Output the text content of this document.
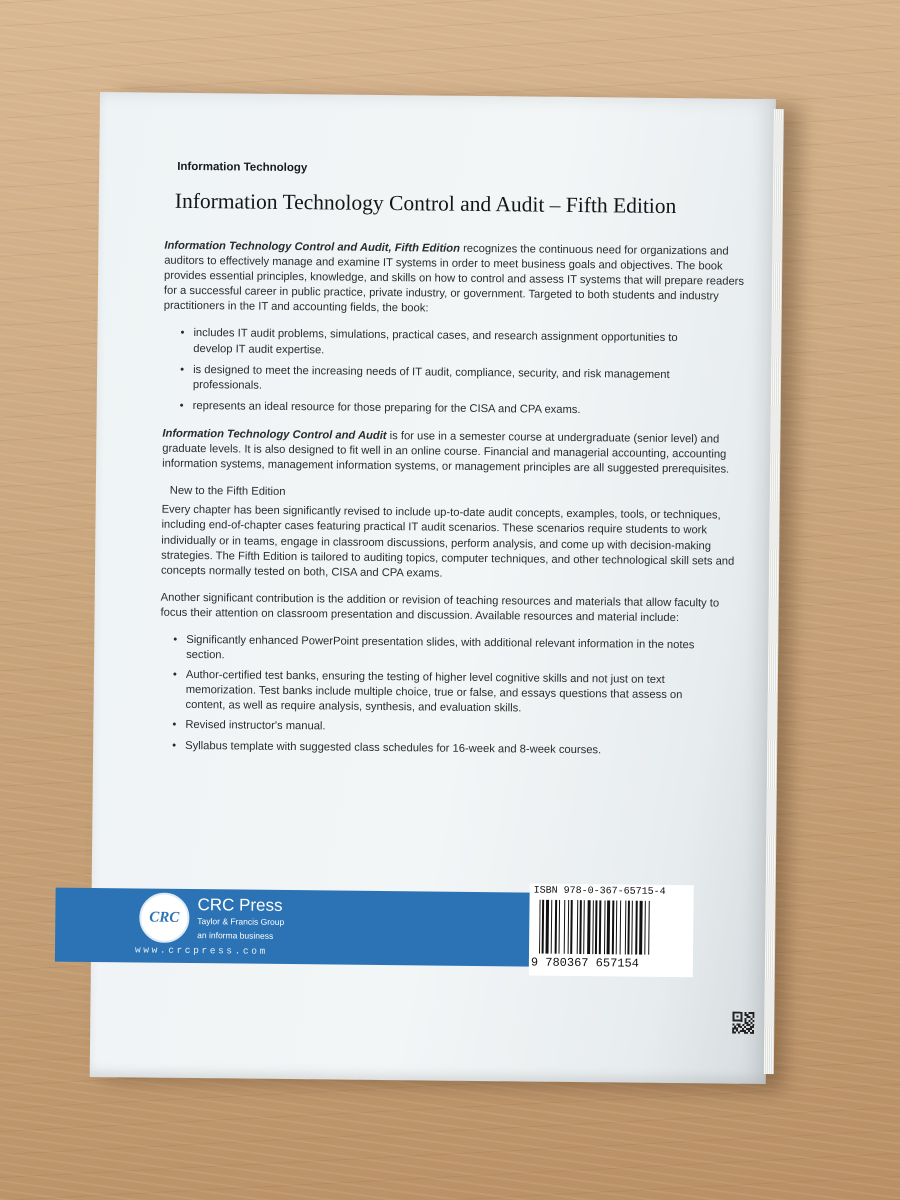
Information Technology
Information Technology Control and Audit – Fifth Edition

Information Technology Control and Audit, Fifth Edition recognizes the continuous need for organizations and auditors to effectively manage and examine IT systems in order to meet business goals and objectives. The book provides essential principles, knowledge, and skills on how to control and assess IT systems that will prepare readers for a successful career in public practice, private industry, or government. Targeted to both students and industry practitioners in the IT and accounting fields, the book:

• includes IT audit problems, simulations, practical cases, and research assignment opportunities to develop IT audit expertise.
• is designed to meet the increasing needs of IT audit, compliance, security, and risk management professionals.
• represents an ideal resource for those preparing for the CISA and CPA exams.

Information Technology Control and Audit is for use in a semester course at undergraduate (senior level) and graduate levels. It is also designed to fit well in an online course. Financial and managerial accounting, accounting information systems, management information systems, or management principles are all suggested prerequisites.

New to the Fifth Edition

Every chapter has been significantly revised to include up-to-date audit concepts, examples, tools, or techniques, including end-of-chapter cases featuring practical IT audit scenarios. These scenarios require students to work individually or in teams, engage in classroom discussions, perform analysis, and come up with decision-making strategies. The Fifth Edition is tailored to auditing topics, computer techniques, and other technological skill sets and concepts normally tested on both, CISA and CPA exams.

Another significant contribution is the addition or revision of teaching resources and materials that allow faculty to focus their attention on classroom presentation and discussion. Available resources and material include:

• Significantly enhanced PowerPoint presentation slides, with additional relevant information in the notes section.
• Author-certified test banks, ensuring the testing of higher level cognitive skills and not just on text memorization. Test banks include multiple choice, true or false, and essays questions that assess on content, as well as require analysis, synthesis, and evaluation skills.
• Revised instructor's manual.
• Syllabus template with suggested class schedules for 16-week and 8-week courses.
CRC
CRC Press
Taylor & Francis Group
an informa business
www.crcpress.com
ISBN 978-0-367-65715-4
9 780367 657154
